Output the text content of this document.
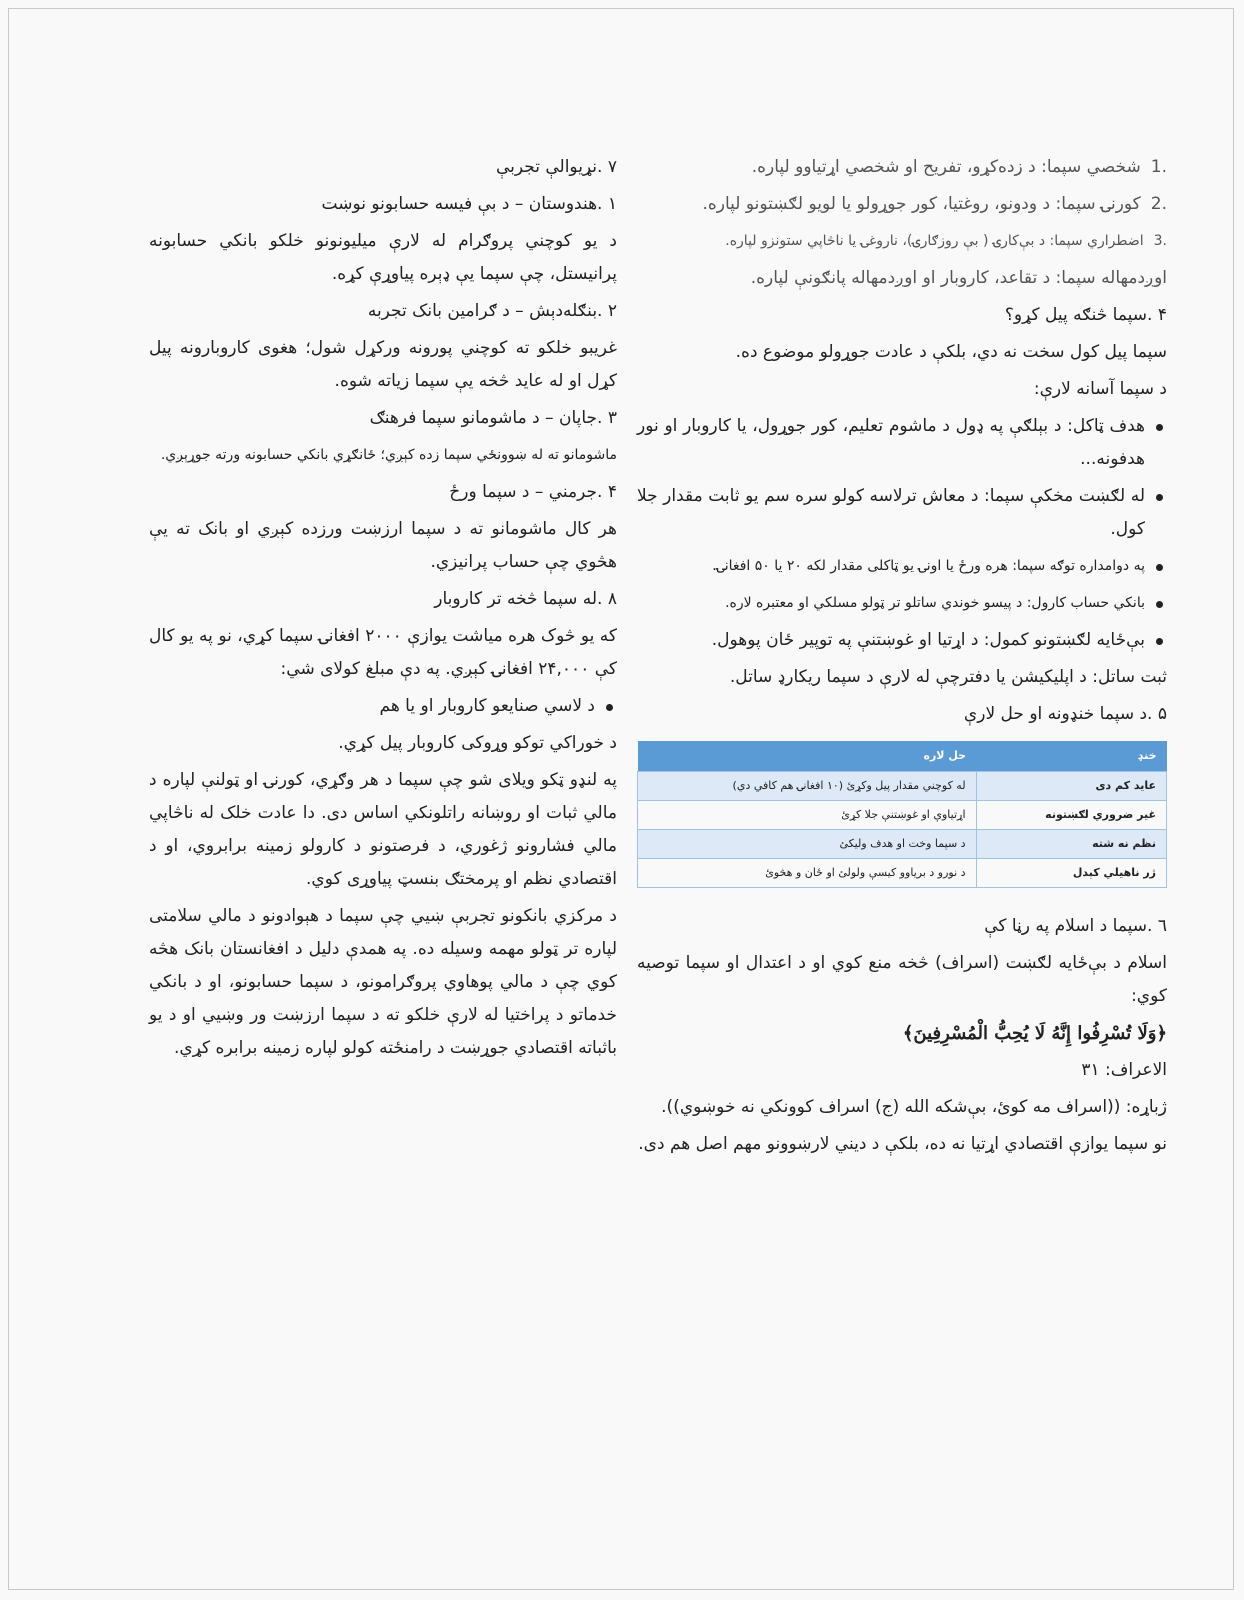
.1شخصي سپما: د زده‌کړو، تفریح او شخصي اړتیاوو لپاره.

.2کورنۍ سپما: د ودونو، روغتیا، کور جوړولو یا لویو لګښتونو لپاره.

.3اضطراري سپما: د بې‌کارۍ ( بې روزګارۍ)، ناروغۍ یا ناڅاپي ستونزو لپاره.

اوږدمهاله سپما: د تقاعد، کاروبار او اوږدمهاله پانګونې لپاره.

۴ .سپما څنګه پیل کړو؟

سپما پیل کول سخت نه دي، بلکې د عادت جوړولو موضوع ده.

د سپما آسانه لارې:

هدف ټاکل: د بېلګې په ډول د ماشوم تعلیم، کور جوړول، یا کاروبار او نور هدفونه...

له لګښت مخکې سپما: د معاش ترلاسه کولو سره سم یو ثابت مقدار جلا کول.

په دوامداره توګه سپما: هره ورځ یا اونۍ یو ټاکلی مقدار لکه ۲۰ یا ۵۰ افغانۍ.

بانکي حساب کارول: د پیسو خوندي ساتلو تر ټولو مسلکي او معتبره لاره.

بې‌ځایه لګښتونو کمول: د اړتیا او غوښتنې په توپیر ځان پوهول.

ثبت ساتل: د اپلیکیشن یا دفترچې له لارې د سپما ریکارډ ساتل.

۵ .د سپما خنډونه او حل لارې

خنډ	حل لاره
عاید کم دی	له کوچني مقدار پیل وکړئ (۱۰ افغانۍ هم کافي دي)
غیر ضروري لګښتونه	اړتیاوې او غوښتنې جلا کړئ
نظم نه شته	د سپما وخت او هدف ولیکئ
ژر ناهیلي کېدل	د نورو د بریاوو کیسې ولولئ او ځان و هڅوئ

٦ .سپما د اسلام په رڼا کې

اسلام د بې‌ځایه لګښت (اسراف) څخه منع کوي او د اعتدال او سپما توصیه کوي:

﴿وَلَا تُسْرِفُوا إِنَّهُ لَا يُحِبُّ الْمُسْرِفِينَ﴾

الاعراف: ۳۱

ژباړه: ((اسراف مه کوئ، بې‌شکه الله (ج) اسراف کوونکي نه خوښوي)).

نو سپما یوازې اقتصادي اړتیا نه ده، بلکې د دیني لارښوونو مهم اصل هم دی.

۷ .نړیوالې تجربې

۱ .هندوستان – د بې فیسه حسابونو نوښت

د یو کوچني پروګرام له لارې میلیونونو خلکو بانکي حسابونه پرانیستل، چې سپما یې ډېره پیاوړې کړه.

۲ .بنګله‌دېش – د ګرامین بانک تجربه

غریبو خلکو ته کوچني پورونه ورکړل شول؛ هغوی کاروبارونه پیل کړل او له عاید څخه یې سپما زیاته شوه.

۳ .جاپان – د ماشومانو سپما فرهنګ

ماشومانو ته له ښوونځي سپما زده کېږي؛ ځانګړي بانکي حسابونه ورته جوړېږي.

۴ .جرمني – د سپما ورځ

هر کال ماشومانو ته د سپما ارزښت ورزده کېږي او بانک ته یې هڅوي چې حساب پرانیزي.

۸ .له سپما څخه تر کاروبار

که یو څوک هره میاشت یوازې ۲۰۰۰ افغانۍ سپما کړي، نو په یو کال کې ۲۴,۰۰۰ افغانۍ کېږي. په دې مبلغ کولای شي:

د لاسي صنایعو کاروبار او یا هم

د خوراکي توکو وړوکی کاروبار پیل کړي.

په لنډو ټکو ویلای شو چې سپما د هر وګړي، کورنۍ او ټولنې لپاره د مالي ثبات او روښانه راتلونکي اساس دی. دا عادت خلک له ناڅاپي مالي فشارونو ژغوري، د فرصتونو د کارولو زمینه برابروي، او د اقتصادي نظم او پرمختګ بنسټ پیاوړی کوي.

د مرکزي بانکونو تجربې ښیي چې سپما د هېوادونو د مالي سلامتی لپاره تر ټولو مهمه وسیله ده. په همدې دلیل د افغانستان بانک هڅه کوي چې د مالي پوهاوي پروګرامونو، د سپما حسابونو، او د بانکي خدماتو د پراختیا له لارې خلکو ته د سپما ارزښت ور وښيي او د یو باثباته اقتصادي جوړښت د رامنځته کولو لپاره زمینه برابره کړي.
